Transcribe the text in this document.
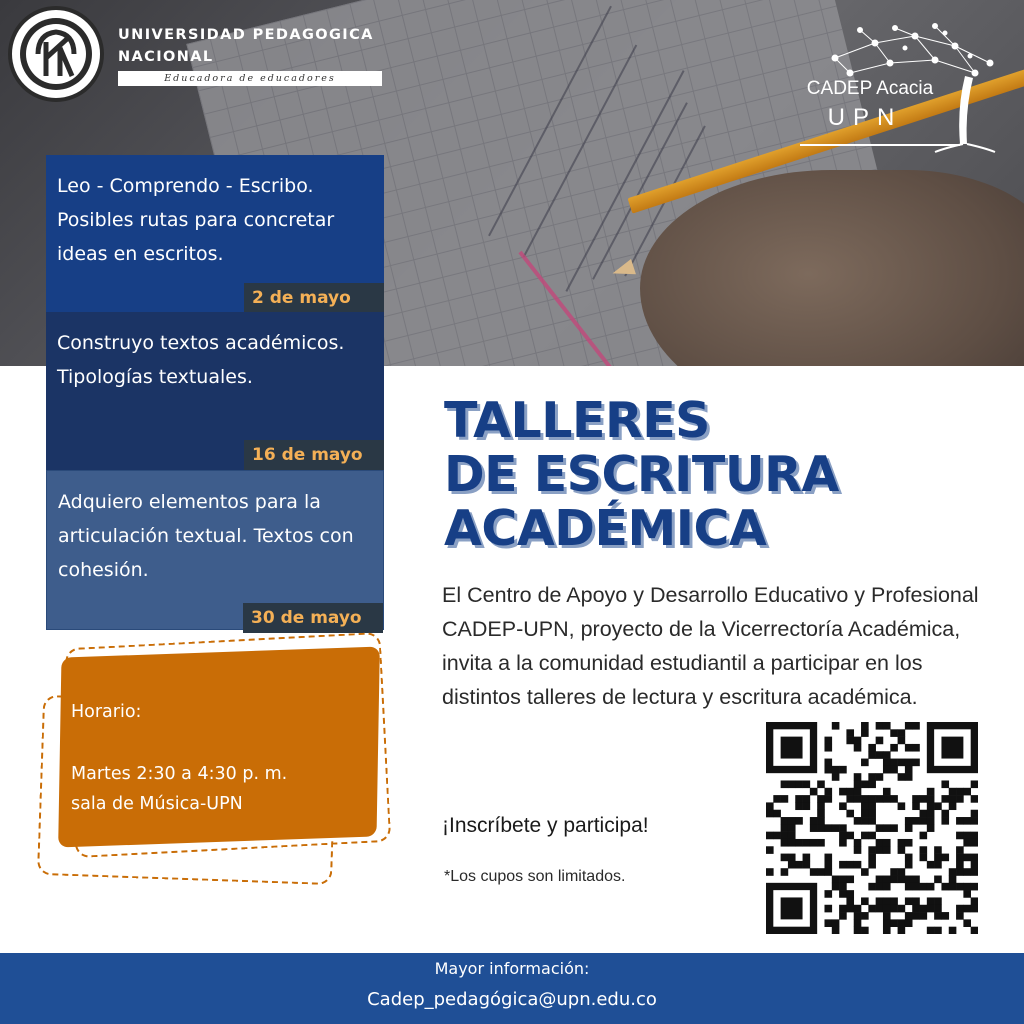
UNIVERSIDAD PEDAGOGICA NACIONAL
Educadora de educadores	CADEP Acacia
UPN
Leo - Comprendo - Escribo. Posibles rutas para concretar ideas en escritos.
2 de mayo
Construyo textos académicos. Tipologías textuales.
16 de mayo
Adquiero elementos para la articulación textual. Textos con cohesión.
30 de mayo
Horario:
Martes 2:30 a 4:30 p. m.
sala de Música-UPN
TALLERES
DE ESCRITURA
ACADÉMICA
El Centro de Apoyo y Desarrollo Educativo y Profesional CADEP-UPN, proyecto de la Vicerrectoría Académica, invita a la comunidad estudiantil a participar en los distintos talleres de lectura y escritura académica.
¡Inscríbete y participa!
*Los cupos son limitados.
Mayor información:
Cadep_pedagógica@upn.edu.co
